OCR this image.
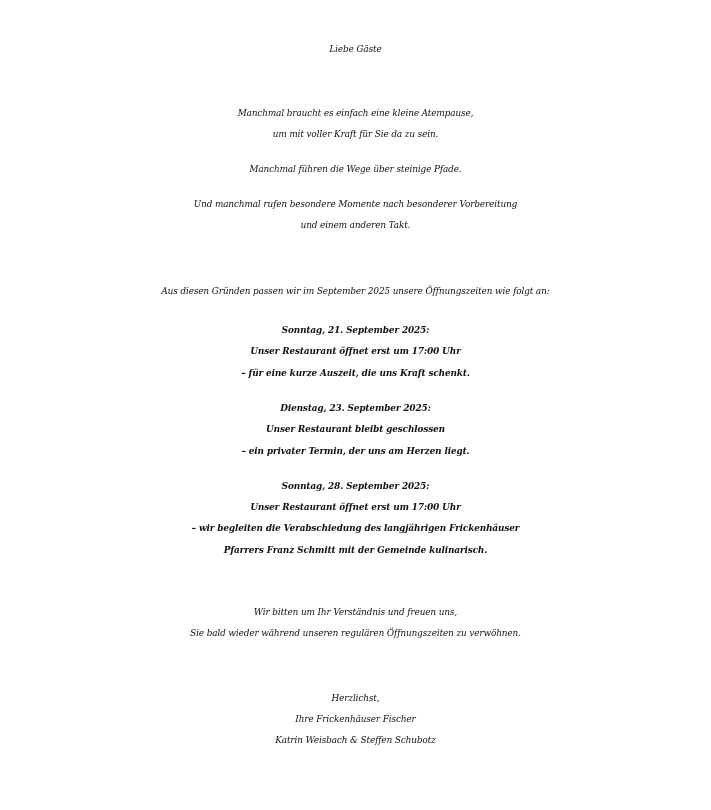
Liebe Gäste
Manchmal braucht es einfach eine kleine Atempause,
um mit voller Kraft für Sie da zu sein.
Manchmal führen die Wege über steinige Pfade.
Und manchmal rufen besondere Momente nach besonderer Vorbereitung
und einem anderen Takt.
Aus diesen Gründen passen wir im September 2025 unsere Öffnungszeiten wie folgt an:
Sonntag, 21. September 2025:
Unser Restaurant öffnet erst um 17:00 Uhr
– für eine kurze Auszeit, die uns Kraft schenkt.
Dienstag, 23. September 2025:
Unser Restaurant bleibt geschlossen
– ein privater Termin, der uns am Herzen liegt.
Sonntag, 28. September 2025:
Unser Restaurant öffnet erst um 17:00 Uhr
– wir begleiten die Verabschiedung des langjährigen Frickenhäuser
Pfarrers Franz Schmitt mit der Gemeinde kulinarisch.
Wir bitten um Ihr Verständnis und freuen uns,
Sie bald wieder während unseren regulären Öffnungszeiten zu verwöhnen.
Herzlichst,
Ihre Frickenhäuser Fischer
Katrin Weisbach & Steffen Schubotz
